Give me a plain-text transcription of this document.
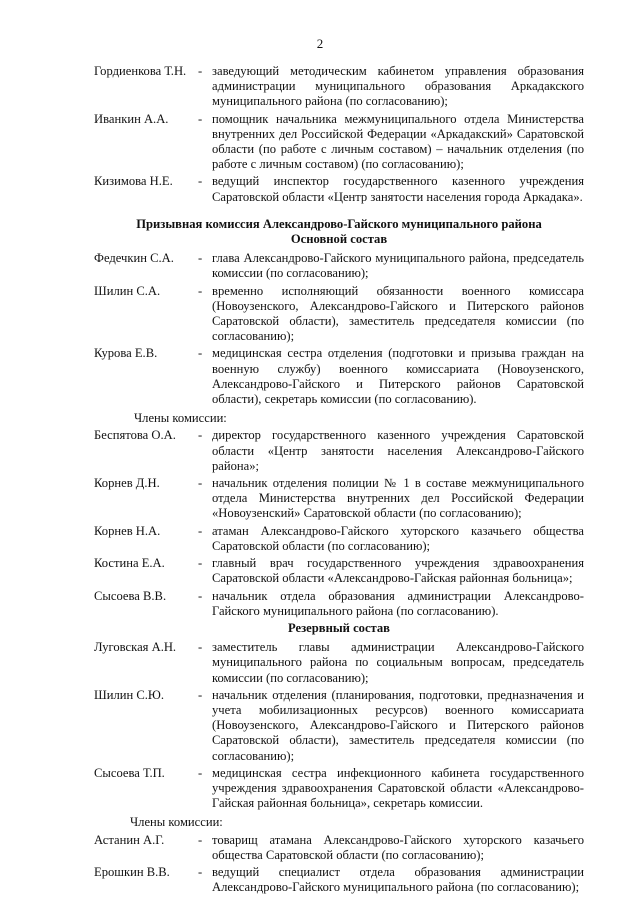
2
Гордиенкова Т.Н. - заведующий методическим кабинетом управления образования администрации муниципального образования Аркадакского муниципального района (по согласованию);
Иванкин А.А.	- помощник начальника межмуниципального отдела Министерства внутренних дел Российской Федерации «Аркадакский» Саратовской области (по работе с личным составом) – начальник отделения (по работе с личным составом) (по согласованию);
Кизимова Н.Е.	- ведущий инспектор государственного казенного учреждения Саратовской области «Центр занятости населения города Аркадака».

Призывная комиссия Александрово-Гайского муниципального района

Основной состав

Федечкин С.А.	- глава Александрово-Гайского муниципального района, председатель комиссии (по согласованию);
Шилин С.А.	- временно исполняющий обязанности военного комиссара (Новоузенского, Александрово-Гайского и Питерского районов Саратовской области), заместитель председателя комиссии (по согласованию);
Курова Е.В.	- медицинская сестра отделения (подготовки и призыва граждан на военную службу) военного комиссариата (Новоузенского, Александрово-Гайского и Питерского районов Саратовской области), секретарь комиссии (по согласованию).
Члены комиссии:
Беспятова О.А.	- директор государственного казенного учреждения Саратовской области «Центр занятости населения Александрово-Гайского района»;
Корнев Д.Н.	- начальник отделения полиции № 1 в составе межмуниципального отдела Министерства внутренних дел Российской Федерации «Новоузенский» Саратовской области (по согласованию);
Корнев Н.А.	- атаман Александрово-Гайского хуторского казачьего общества Саратовской области (по согласованию);
Костина Е.А.	- главный врач государственного учреждения здравоохранения Саратовской области «Александрово-Гайская районная больница»;
Сысоева В.В.	- начальник отдела образования администрации Александрово-Гайского муниципального района (по согласованию).

Резервный состав

Луговская А.Н.	- заместитель главы администрации Александрово-Гайского муниципального района по социальным вопросам, председатель комиссии (по согласованию);
Шилин С.Ю.	- начальник отделения (планирования, подготовки, предназначения и учета мобилизационных ресурсов) военного комиссариата (Новоузенского, Александрово-Гайского и Питерского районов Саратовской области), заместитель председателя комиссии (по согласованию);
Сысоева Т.П.	- медицинская сестра инфекционного кабинета государственного учреждения здравоохранения Саратовской области «Александрово-Гайская районная больница», секретарь комиссии.
Члены комиссии:
Астанин А.Г.	- товарищ атамана Александрово-Гайского хуторского казачьего общества Саратовской области (по согласованию);
Ерошкин В.В.	- ведущий специалист отдела образования администрации Александрово-Гайского муниципального района (по согласованию);
